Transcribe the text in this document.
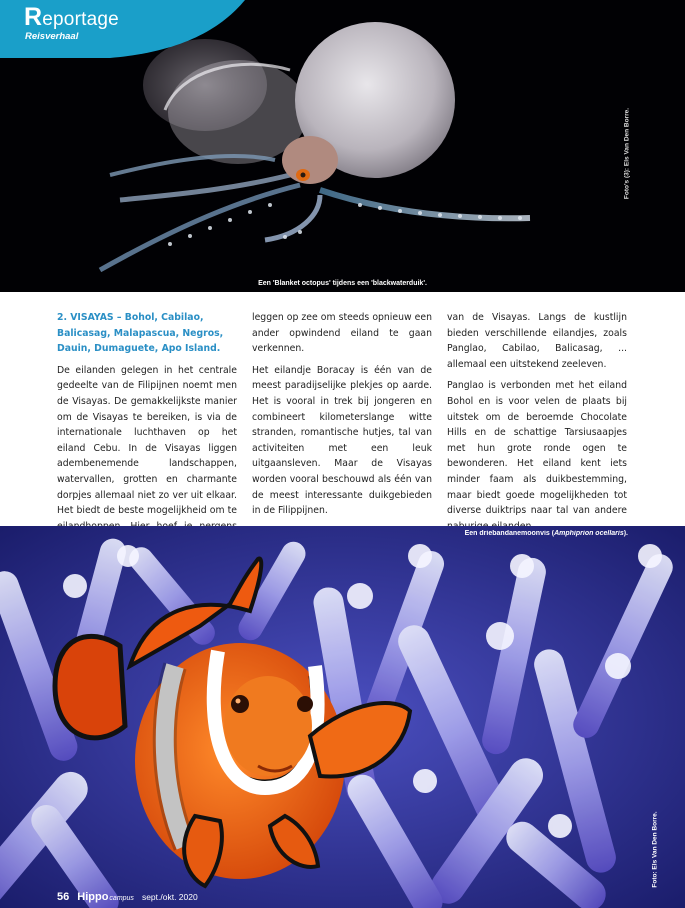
Reportage
Reisverhaal
Een 'Blanket octopus' tijdens een 'blackwaterduik'.
Foto's (3): Els Van Den Borre.

2. VISAYAS – Bohol, Cabilao, Balicasag, Malapascua, Negros, Dauin, Dumaguete, Apo Island.

De eilanden gelegen in het centrale gedeelte van de Filipijnen noemt men de Visayas. De gemakkelijkste manier om de Visayas te bereiken, is via de internationale luchthaven op het eiland Cebu. In de Visayas liggen adembenemende landschappen, watervallen, grotten en charmante dorpjes allemaal niet zo ver uit elkaar. Het biedt de beste mogelijkheid om te

leggen op zee om steeds opnieuw een ander opwindend eiland te gaan verkennen.

Het eilandje Boracay is één van de meest paradijselijke plekjes op aarde. Het is vooral in trek bij jongeren en combineert kilometerslange witte stranden, romantische hutjes, tal van activiteiten met een leuk uitgaansleven. Maar de Visayas worden vooral beschouwd als één van de meest interessante duikgebieden in de Filippijnen.

van de Visayas. Langs de kustlijn bieden verschillende eilandjes, zoals Panglao, Cabilao, Balicasag, ... allemaal een uitstekend zeeleven.

Panglao is verbonden met het eiland Bohol en is voor velen de plaats bij uitstek om de beroemde Chocolate Hills en de schattige Tarsiusaapjes met hun grote ronde ogen te bewonderen. Het eiland kent iets minder faam als duikbestemming, maar biedt goede mogelijkheden tot diverse duiktrips naar tal van andere

Een driebandanemoonvis (Amphiprion ocellaris).
Foto: Els Van Den Borre.
56 Hippo campus sept./okt. 2020
